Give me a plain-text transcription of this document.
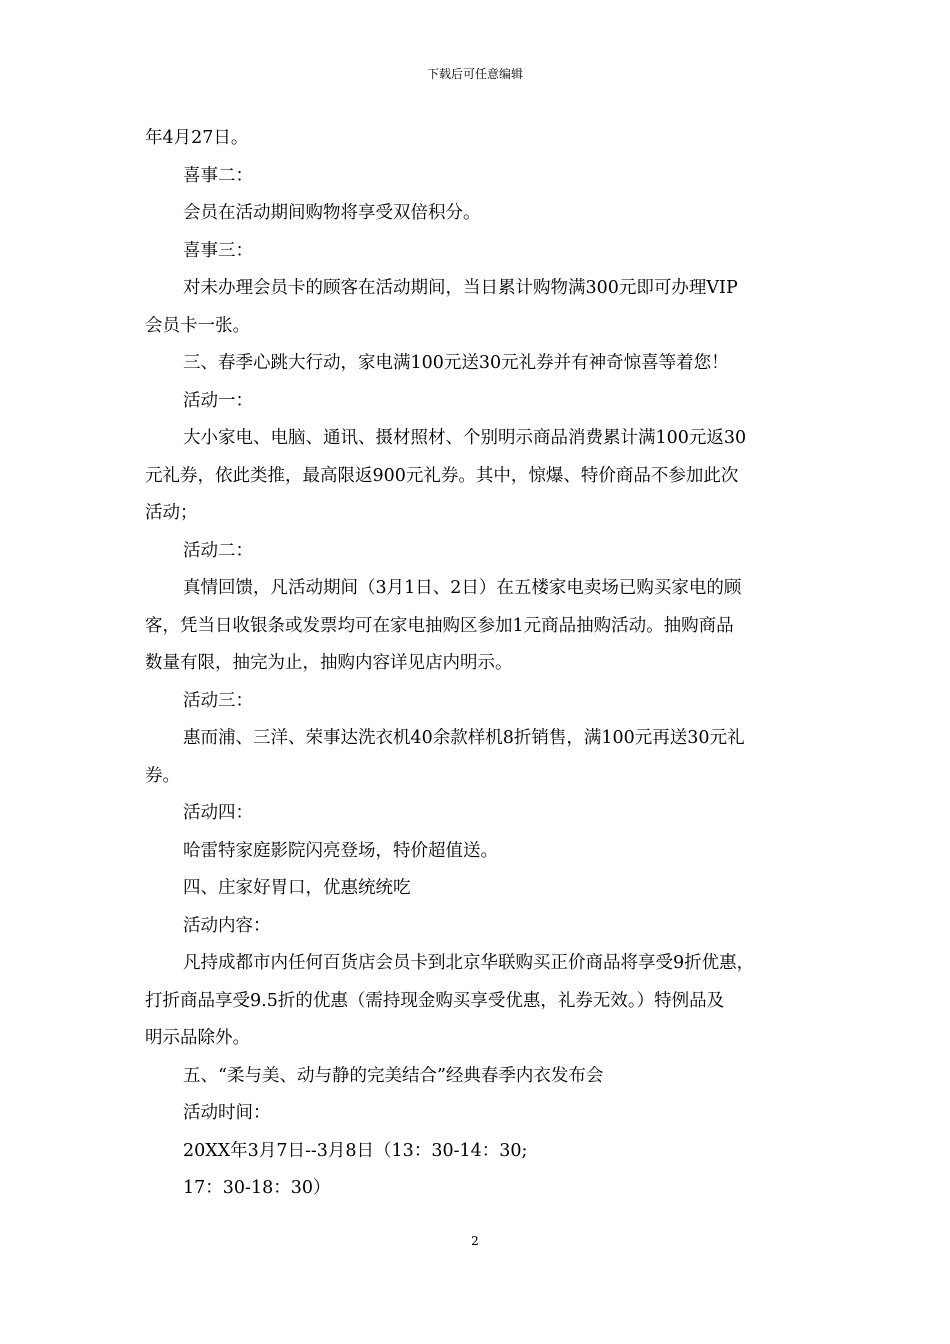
下载后可任意编辑
年4月27日。
喜事二：
会员在活动期间购物将享受双倍积分。
喜事三：
对未办理会员卡的顾客在活动期间，当日累计购物满300元即可办理VIP
会员卡一张。
三、春季心跳大行动，家电满100元送30元礼券并有神奇惊喜等着您！
活动一：
大小家电、电脑、通讯、摄材照材、个别明示商品消费累计满100元返30
元礼券，依此类推，最高限返900元礼券。其中，惊爆、特价商品不参加此次
活动；
活动二：
真情回馈，凡活动期间（3月1日、2日）在五楼家电卖场已购买家电的顾
客，凭当日收银条或发票均可在家电抽购区参加1元商品抽购活动。抽购商品
数量有限，抽完为止，抽购内容详见店内明示。
活动三：
惠而浦、三洋、荣事达洗衣机40余款样机8折销售，满100元再送30元礼
券。
活动四：
哈雷特家庭影院闪亮登场，特价超值送。
四、庄家好胃口，优惠统统吃
活动内容：
凡持成都市内任何百货店会员卡到北京华联购买正价商品将享受9折优惠，
打折商品享受9.5折的优惠（需持现金购买享受优惠，礼券无效。）特例品及
明示品除外。
五、“柔与美、动与静的完美结合”经典春季内衣发布会
活动时间：
20XX年3月7日--3月8日（13：30-14：30;
17：30-18：30）
2
